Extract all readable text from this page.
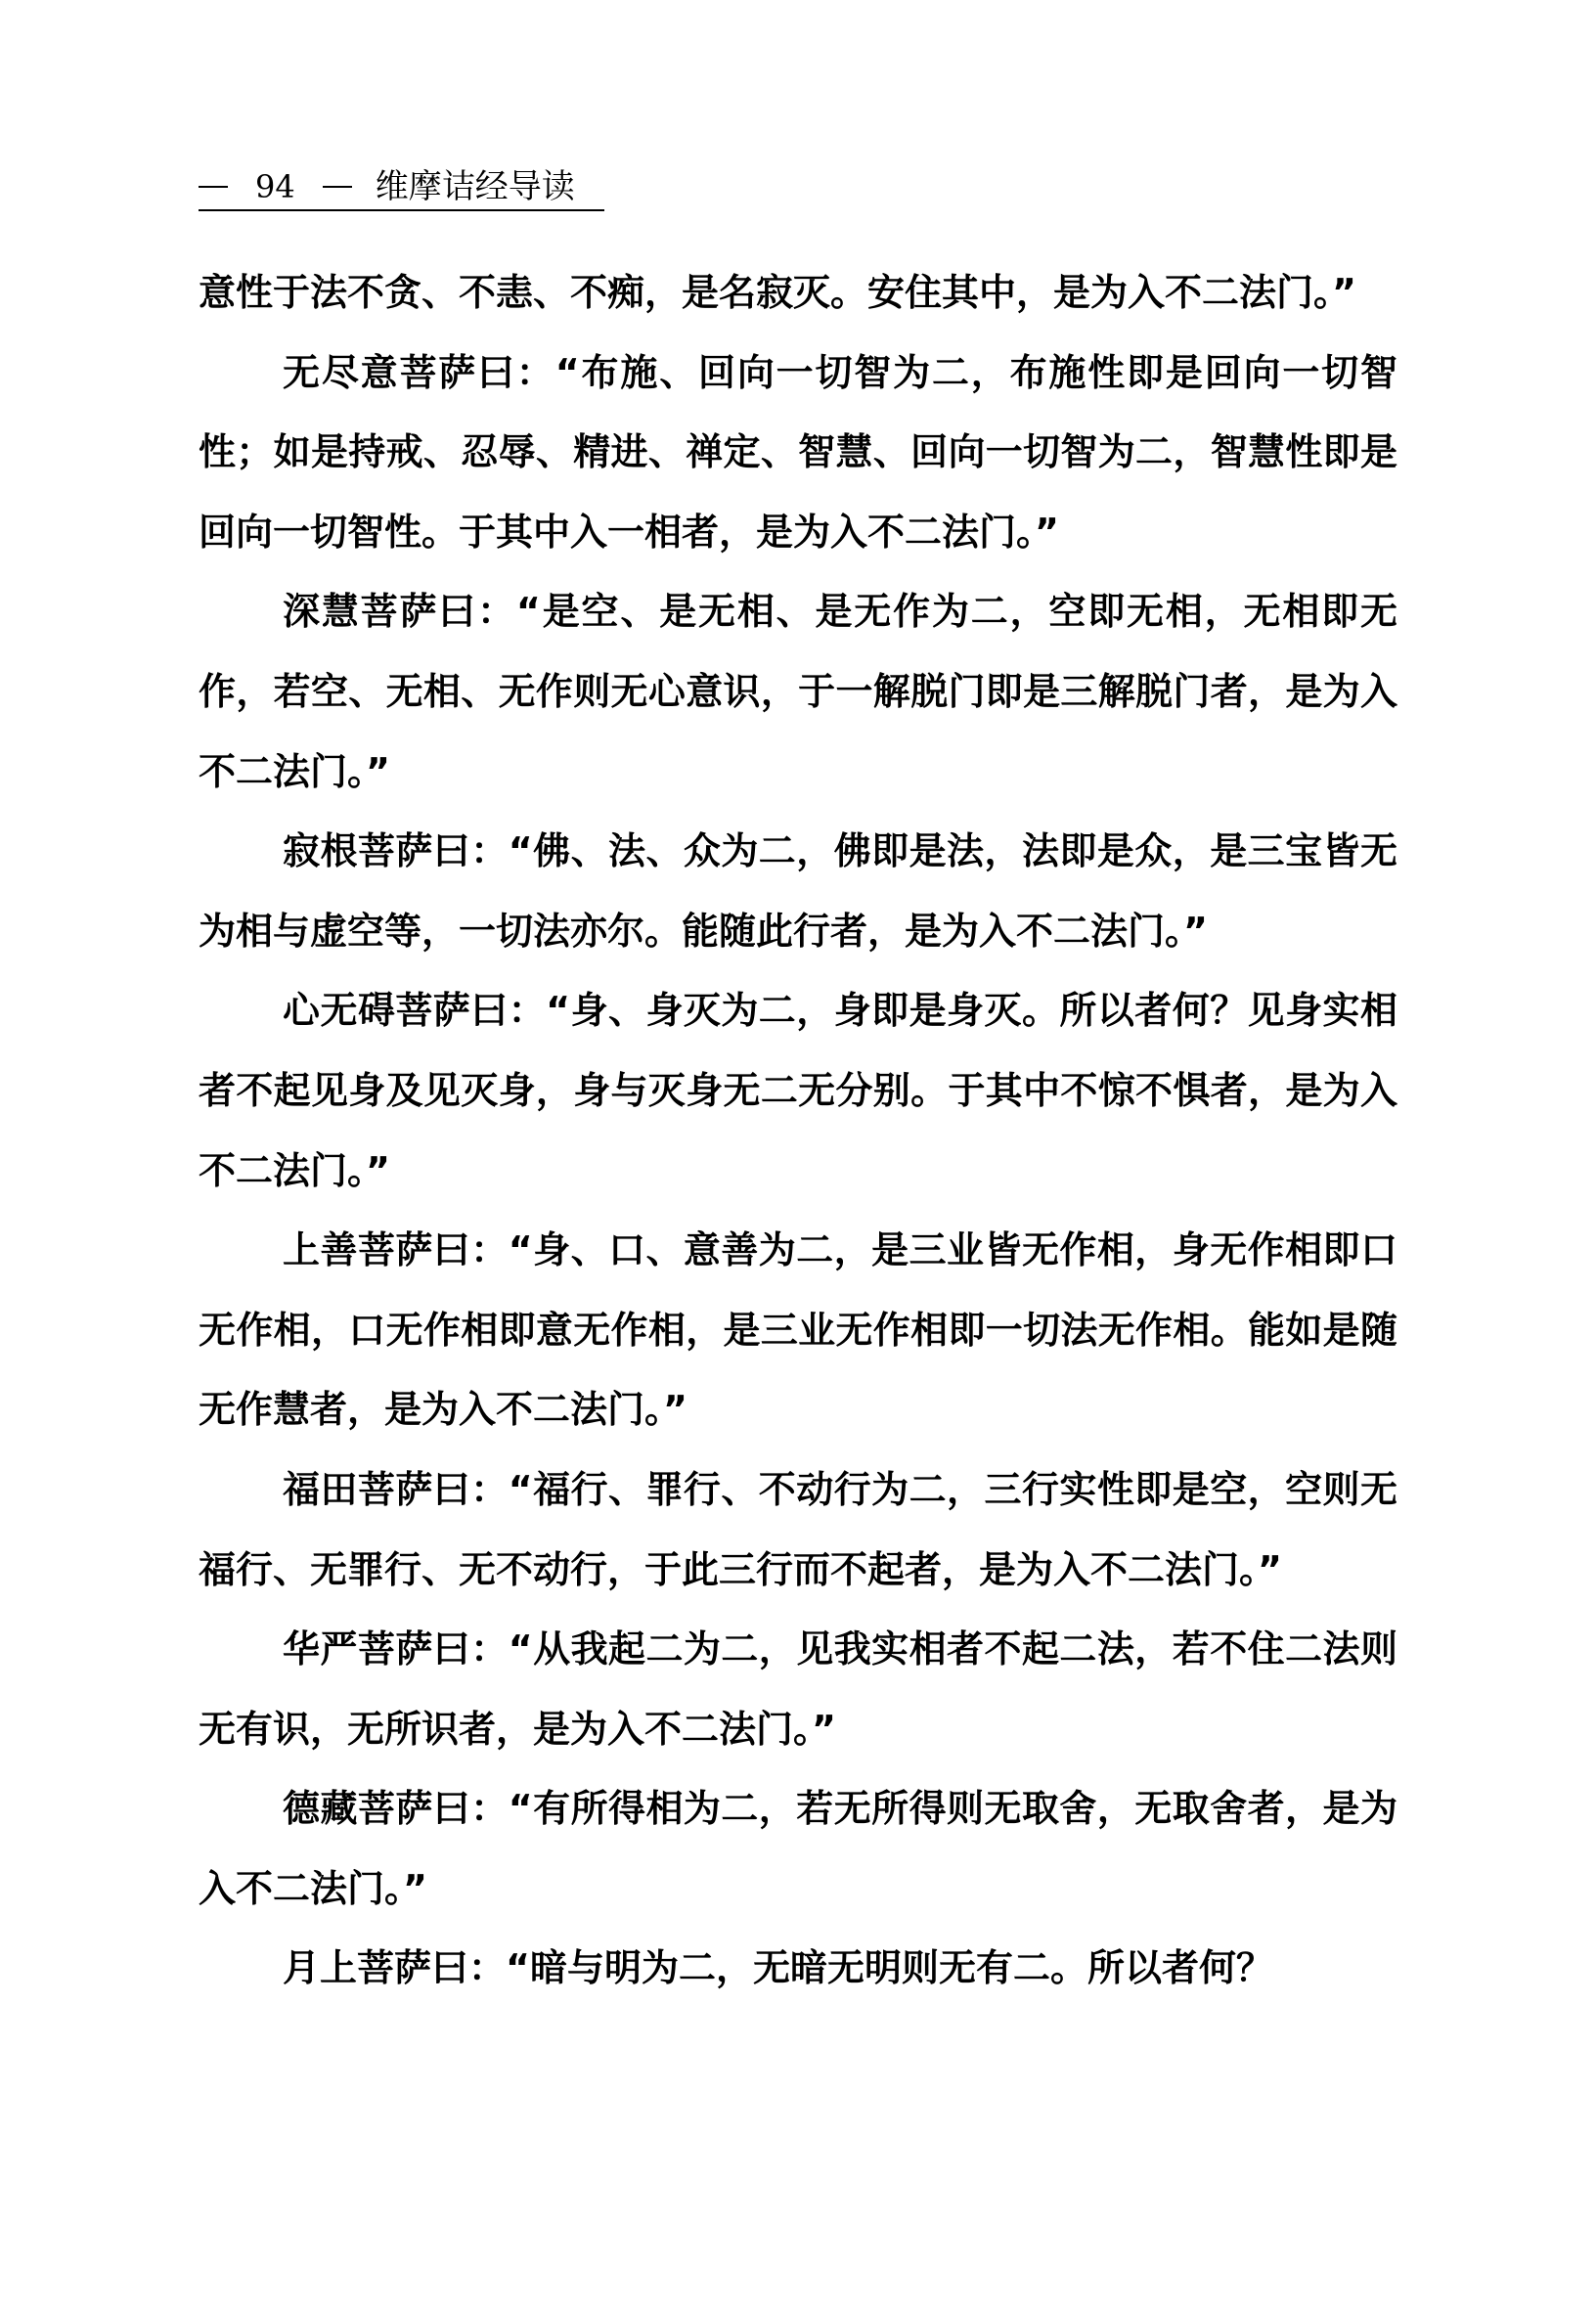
94 维摩诘经导读

意性于法不贪、不恚、不痴，是名寂灭。安住其中，是为入不二法门。”

无尽意菩萨曰：“布施、回向一切智为二，布施性即是回向一切智性；如是持戒、忍辱、精进、禅定、智慧、回向一切智为二，智慧性即是回向一切智性。于其中入一相者，是为入不二法门。”

深慧菩萨曰：“是空、是无相、是无作为二，空即无相，无相即无作，若空、无相、无作则无心意识，于一解脱门即是三解脱门者，是为入不二法门。”

寂根菩萨曰：“佛、法、众为二，佛即是法，法即是众，是三宝皆无为相与虚空等，一切法亦尔。能随此行者，是为入不二法门。”

心无碍菩萨曰：“身、身灭为二，身即是身灭。所以者何？见身实相者不起见身及见灭身，身与灭身无二无分别。于其中不惊不惧者，是为入不二法门。”

上善菩萨曰：“身、口、意善为二，是三业皆无作相，身无作相即口无作相，口无作相即意无作相，是三业无作相即一切法无作相。能如是随无作慧者，是为入不二法门。”

福田菩萨曰：“福行、罪行、不动行为二，三行实性即是空，空则无福行、无罪行、无不动行，于此三行而不起者，是为入不二法门。”

华严菩萨曰：“从我起二为二，见我实相者不起二法，若不住二法则无有识，无所识者，是为入不二法门。”

德藏菩萨曰：“有所得相为二，若无所得则无取舍，无取舍者，是为入不二法门。”

月上菩萨曰：“暗与明为二，无暗无明则无有二。所以者何？
